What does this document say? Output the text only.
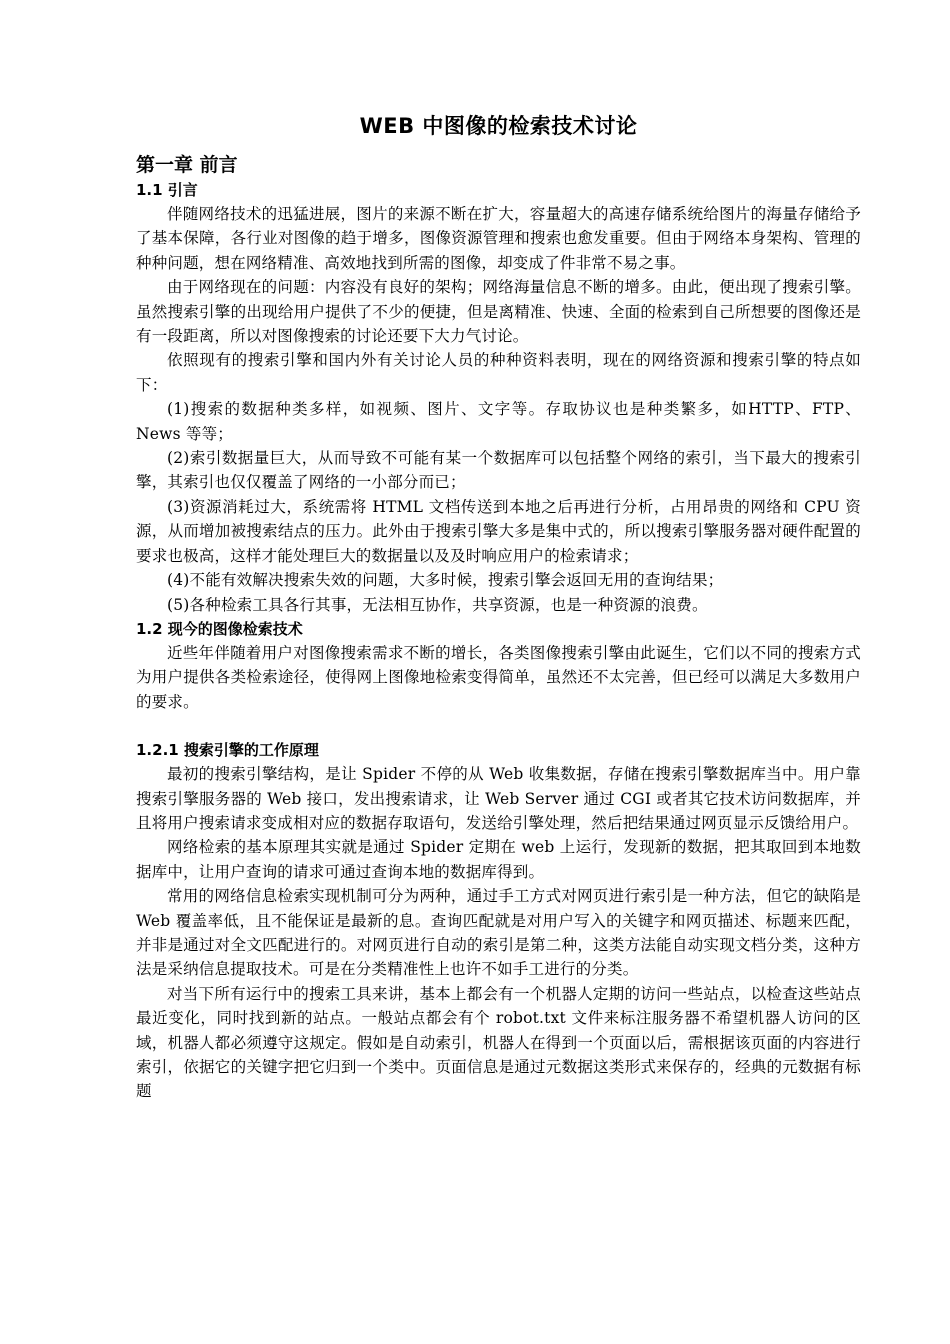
WEB 中图像的检索技术讨论
第一章 前言
1.1 引言

伴随网络技术的迅猛进展，图片的来源不断在扩大，容量超大的高速存储系统给图片的海量存储给予了基本保障，各行业对图像的趋于增多，图像资源管理和搜索也愈发重要。但由于网络本身架构、管理的种种问题，想在网络精准、高效地找到所需的图像，却变成了件非常不易之事。

由于网络现在的问题：内容没有良好的架构；网络海量信息不断的增多。由此，便出现了搜索引擎。虽然搜索引擎的出现给用户提供了不少的便捷，但是离精准、快速、全面的检索到自己所想要的图像还是有一段距离，所以对图像搜索的讨论还要下大力气讨论。

依照现有的搜索引擎和国内外有关讨论人员的种种资料表明，现在的网络资源和搜索引擎的特点如下：

(1)搜索的数据种类多样，如视频、图片、文字等。存取协议也是种类繁多，如HTTP、FTP、News 等等；

(2)索引数据量巨大，从而导致不可能有某一个数据库可以包括整个网络的索引，当下最大的搜索引擎，其索引也仅仅覆盖了网络的一小部分而已；

(3)资源消耗过大，系统需将 HTML 文档传送到本地之后再进行分析，占用昂贵的网络和 CPU 资源，从而增加被搜索结点的压力。此外由于搜索引擎大多是集中式的，所以搜索引擎服务器对硬件配置的要求也极高，这样才能处理巨大的数据量以及及时响应用户的检索请求；

(4)不能有效解决搜索失效的问题，大多时候，搜索引擎会返回无用的查询结果；

(5)各种检索工具各行其事，无法相互协作，共享资源，也是一种资源的浪费。

1.2 现今的图像检索技术

近些年伴随着用户对图像搜索需求不断的增长，各类图像搜索引擎由此诞生，它们以不同的搜索方式为用户提供各类检索途径，使得网上图像地检索变得简单，虽然还不太完善，但已经可以满足大多数用户的要求。

1.2.1 搜索引擎的工作原理

最初的搜索引擎结构，是让 Spider 不停的从 Web 收集数据，存储在搜索引擎数据库当中。用户靠搜索引擎服务器的 Web 接口，发出搜索请求，让 Web Server 通过 CGI 或者其它技术访问数据库，并且将用户搜索请求变成相对应的数据存取语句，发送给引擎处理，然后把结果通过网页显示反馈给用户。

网络检索的基本原理其实就是通过 Spider 定期在 web 上运行，发现新的数据，把其取回到本地数据库中，让用户查询的请求可通过查询本地的数据库得到。

常用的网络信息检索实现机制可分为两种，通过手工方式对网页进行索引是一种方法，但它的缺陷是 Web 覆盖率低，且不能保证是最新的息。查询匹配就是对用户写入的关键字和网页描述、标题来匹配，并非是通过对全文匹配进行的。对网页进行自动的索引是第二种，这类方法能自动实现文档分类，这种方法是采纳信息提取技术。可是在分类精准性上也许不如手工进行的分类。

对当下所有运行中的搜索工具来讲，基本上都会有一个机器人定期的访问一些站点，以检查这些站点最近变化，同时找到新的站点。一般站点都会有个 robot.txt 文件来标注服务器不希望机器人访问的区域，机器人都必须遵守这规定。假如是自动索引，机器人在得到一个页面以后，需根据该页面的内容进行索引，依据它的关键字把它归到一个类中。页面信息是通过元数据这类形式来保存的，经典的元数据有标题
